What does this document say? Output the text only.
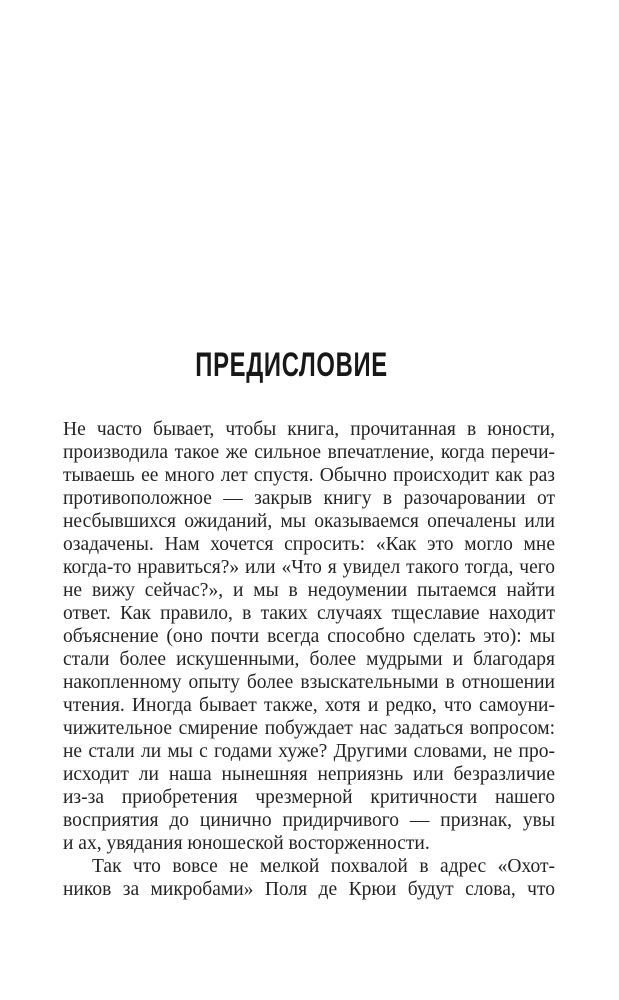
ПРЕДИСЛОВИЕ
Не часто бывает, чтобы книга, прочитанная в юности,
производила такое же сильное впечатление, когда перечи-
тываешь ее много лет спустя. Обычно происходит как раз
противоположное — закрыв книгу в разочаровании от
несбывшихся ожиданий, мы оказываемся опечалены или
озадачены. Нам хочется спросить: «Как это могло мне
когда-то нравиться?» или «Что я увидел такого тогда, чего
не вижу сейчас?», и мы в недоумении пытаемся найти
ответ. Как правило, в таких случаях тщеславие находит
объяснение (оно почти всегда способно сделать это): мы
стали более искушенными, более мудрыми и благодаря
накопленному опыту более взыскательными в отношении
чтения. Иногда бывает также, хотя и редко, что самоуни-
чижительное смирение побуждает нас задаться вопросом:
не стали ли мы с годами хуже? Другими словами, не про-
исходит ли наша нынешняя неприязнь или безразличие
из-за приобретения чрезмерной критичности нашего
восприятия до цинично придирчивого — признак, увы
и ах, увядания юношеской восторженности.
Так что вовсе не мелкой похвалой в адрес «Охот-
ников за микробами» Поля де Крюи будут слова, что
